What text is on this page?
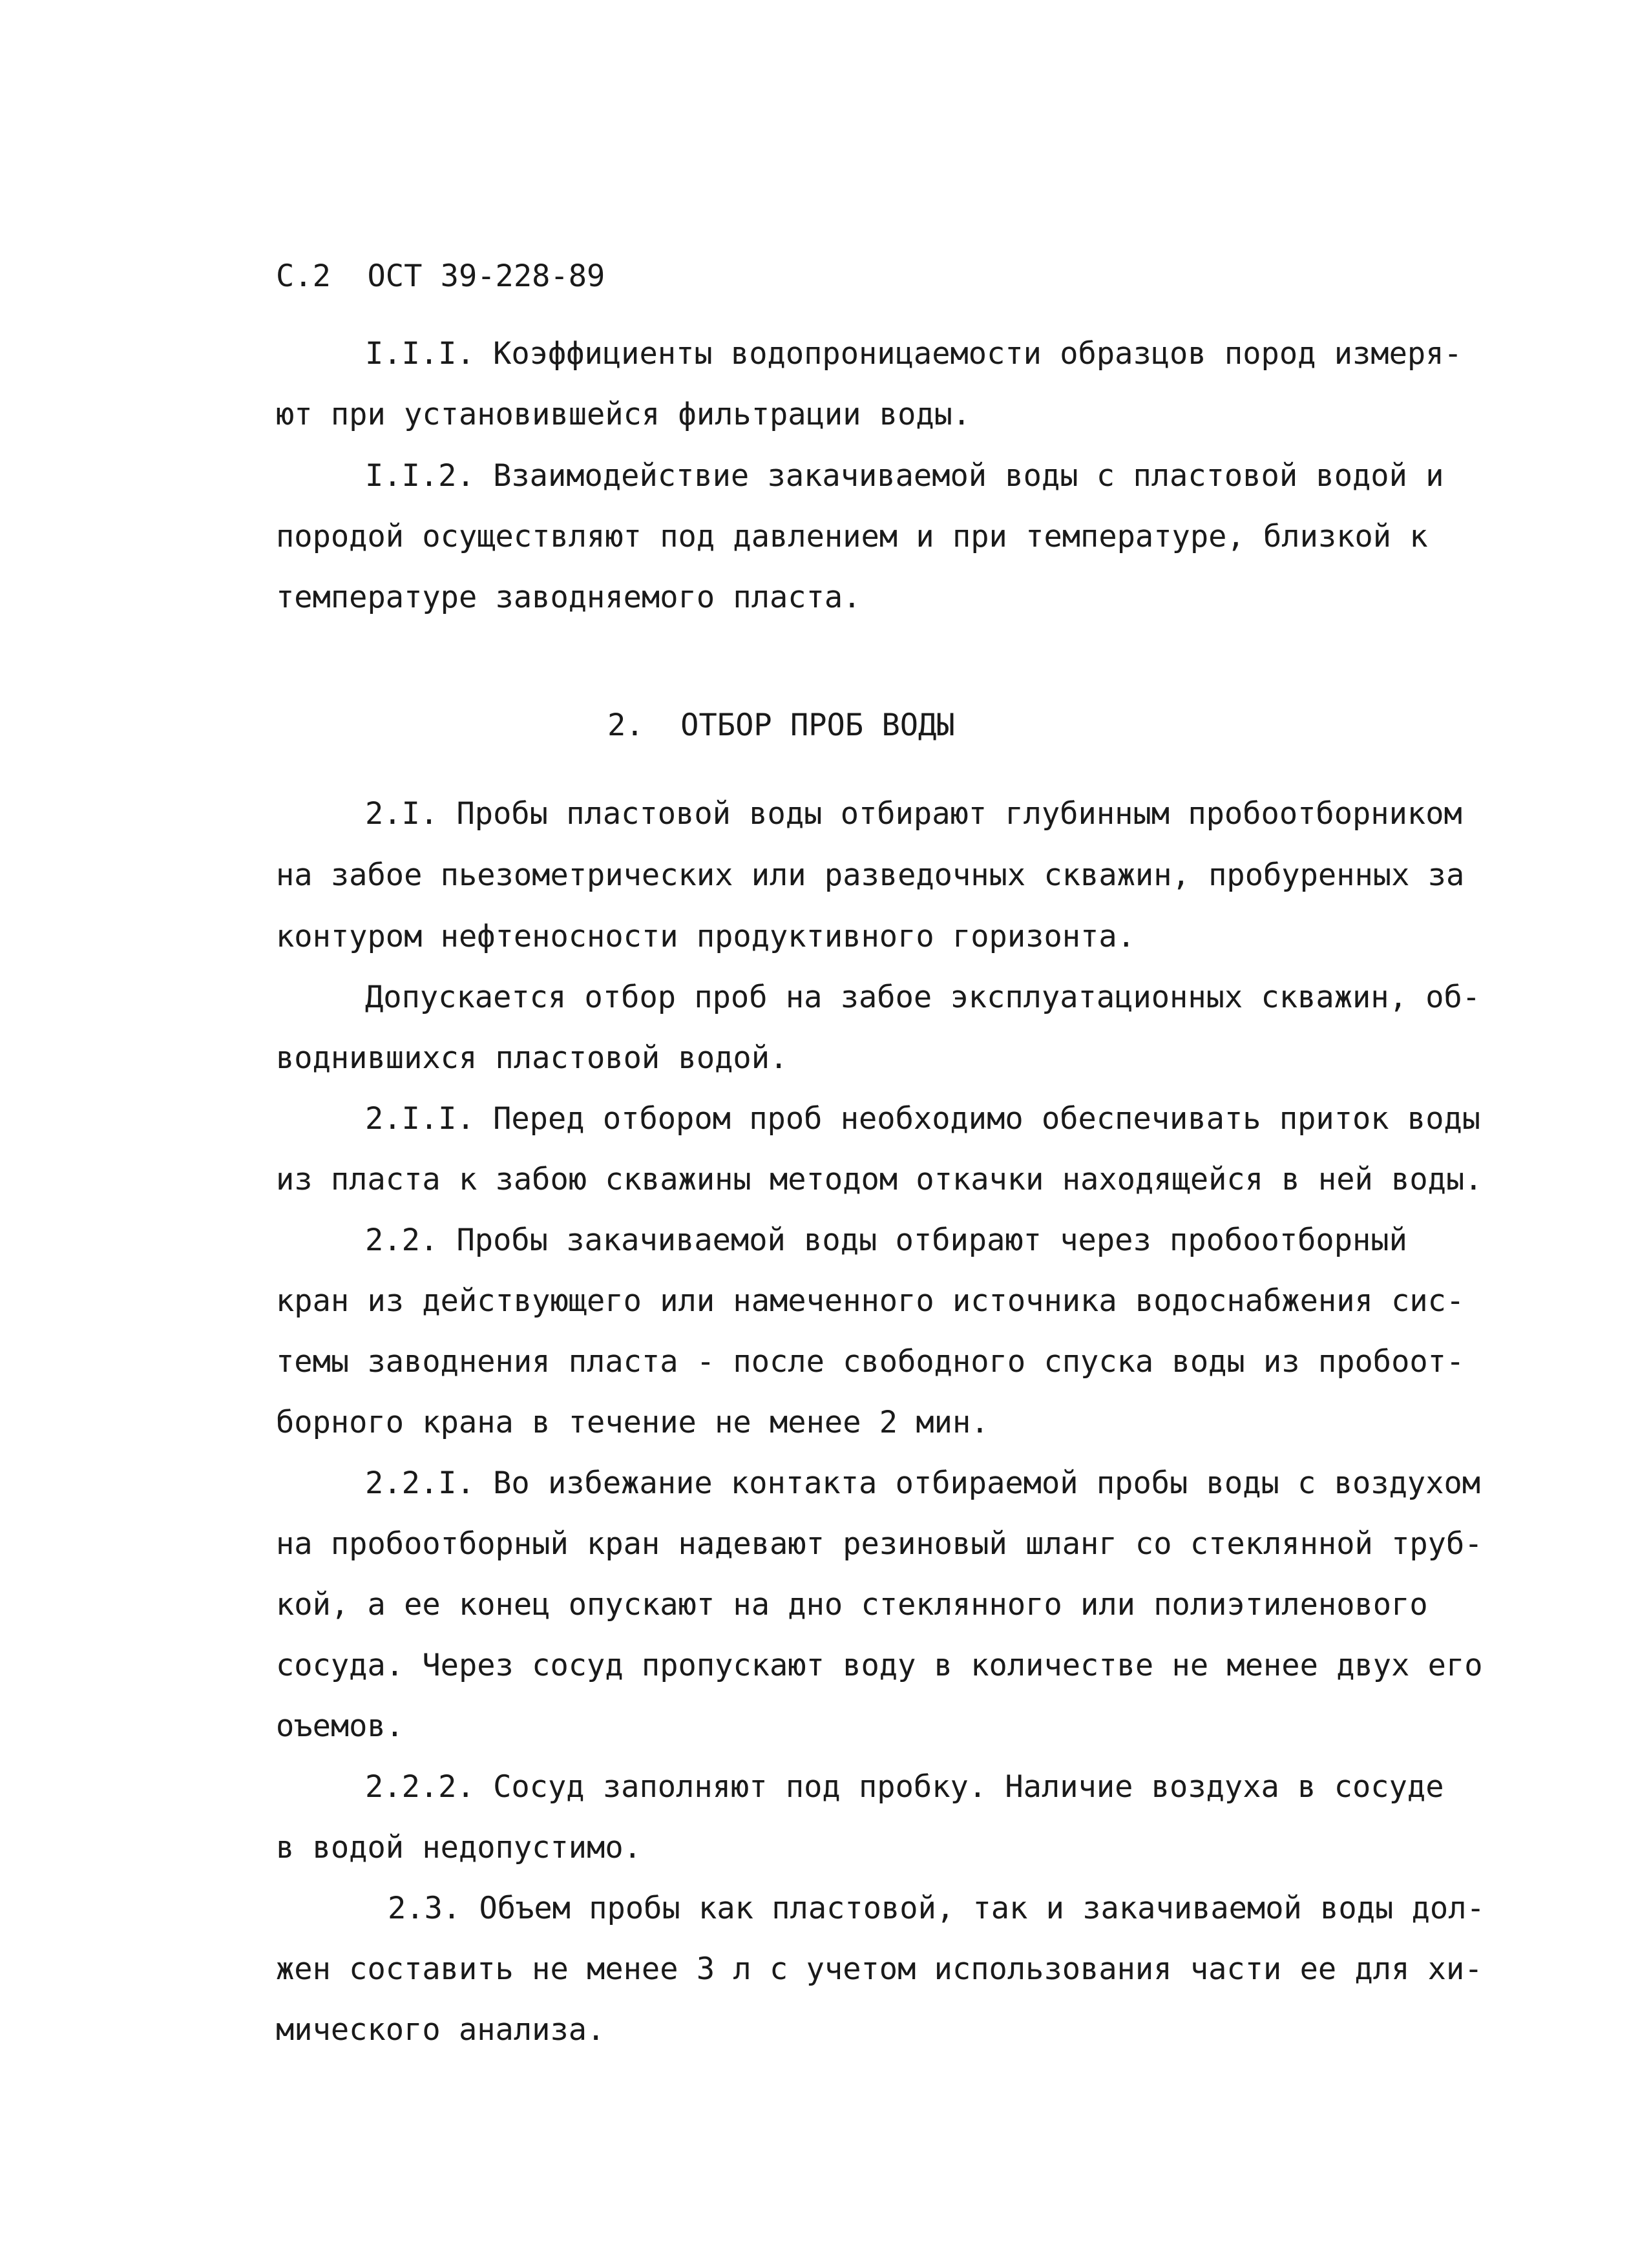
С.2  ОСТ 39-228-89
I.I.I. Коэффициенты водопроницаемости образцов пород измеря-
ют при установившейся фильтрации воды.
I.I.2. Взаимодействие закачиваемой воды с пластовой водой и
породой осуществляют под давлением и при температуре, близкой к
температуре заводняемого пласта.
2.  ОТБОР ПРОБ ВОДЫ
2.I. Пробы пластовой воды отбирают глубинным пробоотборником
на забое пьезометрических или разведочных скважин, пробуренных за
контуром нефтеносности продуктивного горизонта.
Допускается отбор проб на забое эксплуатационных скважин, об-
воднившихся пластовой водой.
2.I.I. Перед отбором проб необходимо обеспечивать приток воды
из пласта к забою скважины методом откачки находящейся в ней воды.
2.2. Пробы закачиваемой воды отбирают через пробоотборный
кран из действующего или намеченного источника водоснабжения сис-
темы заводнения пласта - после свободного спуска воды из пробоот-
борного крана в течение не менее 2 мин.
2.2.I. Во избежание контакта отбираемой пробы воды с воздухом
на пробоотборный кран надевают резиновый шланг со стеклянной труб-
кой, а ее конец опускают на дно стеклянного или полиэтиленового
сосуда. Через сосуд пропускают воду в количестве не менее двух его
оъемов.
2.2.2. Сосуд заполняют под пробку. Наличие воздуха в сосуде
в водой недопустимо.
2.3. Объем пробы как пластовой, так и закачиваемой воды дол-
жен составить не менее 3 л с учетом использования части ее для хи-
мического анализа.
